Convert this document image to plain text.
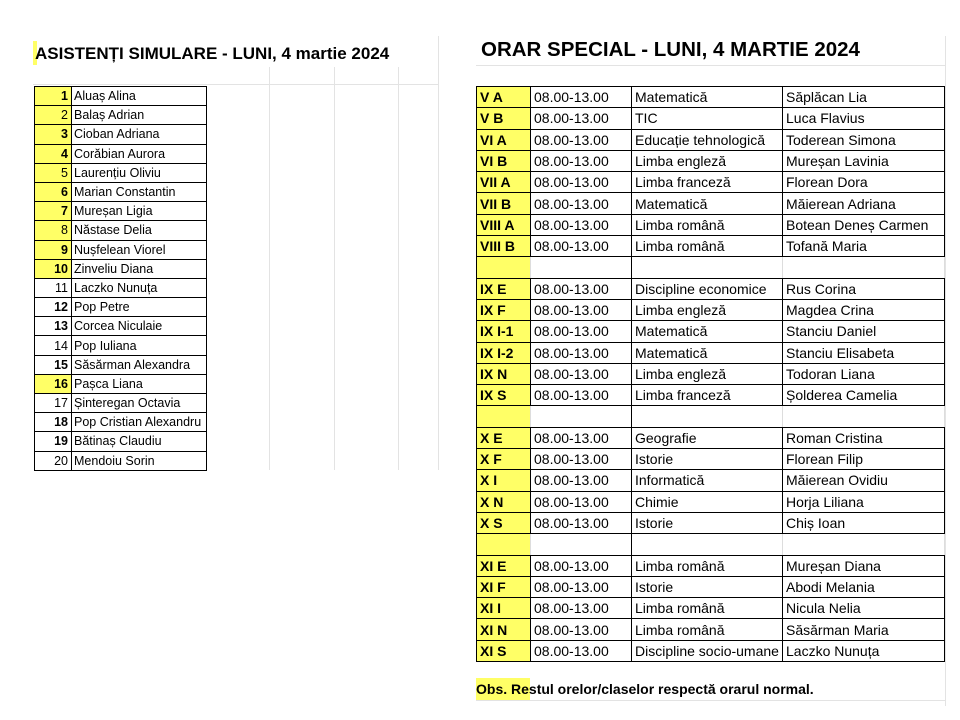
ASISTENȚI SIMULARE - LUNI, 4 martie 2024
1	Aluaș Alina
2	Balaș Adrian
3	Cioban Adriana
4	Corăbian Aurora
5	Laurențiu Oliviu
6	Marian Constantin
7	Mureșan Ligia
8	Năstase Delia
9	Nușfelean Viorel
10	Zinveliu Diana
11	Laczko Nunuța
12	Pop Petre
13	Corcea Niculaie
14	Pop Iuliana
15	Săsărman Alexandra
16	Pașca Liana
17	Șinteregan Octavia
18	Pop Cristian Alexandru
19	Bătinaș Claudiu
20	Mendoiu Sorin
ORAR SPECIAL - LUNI, 4 MARTIE 2024
V A	08.00-13.00	Matematică	Săplăcan Lia
V B	08.00-13.00	TIC	Luca Flavius
VI A	08.00-13.00	Educație tehnologică	Toderean Simona
VI B	08.00-13.00	Limba engleză	Mureșan Lavinia
VII A	08.00-13.00	Limba franceză	Florean Dora
VII B	08.00-13.00	Matematică	Măierean Adriana
VIII A	08.00-13.00	Limba română	Botean Deneș Carmen
VIII B	08.00-13.00	Limba română	Tofană Maria

IX E	08.00-13.00	Discipline economice	Rus Corina
IX F	08.00-13.00	Limba engleză	Magdea Crina
IX I-1	08.00-13.00	Matematică	Stanciu Daniel
IX I-2	08.00-13.00	Matematică	Stanciu Elisabeta
IX N	08.00-13.00	Limba engleză	Todoran Liana
IX S	08.00-13.00	Limba franceză	Șolderea Camelia

X E	08.00-13.00	Geografie	Roman Cristina
X F	08.00-13.00	Istorie	Florean Filip
X I	08.00-13.00	Informatică	Măierean Ovidiu
X N	08.00-13.00	Chimie	Horja Liliana
X S	08.00-13.00	Istorie	Chiș Ioan

XI E	08.00-13.00	Limba română	Mureșan Diana
XI F	08.00-13.00	Istorie	Abodi Melania
XI I	08.00-13.00	Limba română	Nicula Nelia
XI N	08.00-13.00	Limba română	Săsărman Maria
XI S	08.00-13.00	Discipline socio-umane	Laczko Nunuța
Obs. Restul orelor/claselor respectă orarul normal.
